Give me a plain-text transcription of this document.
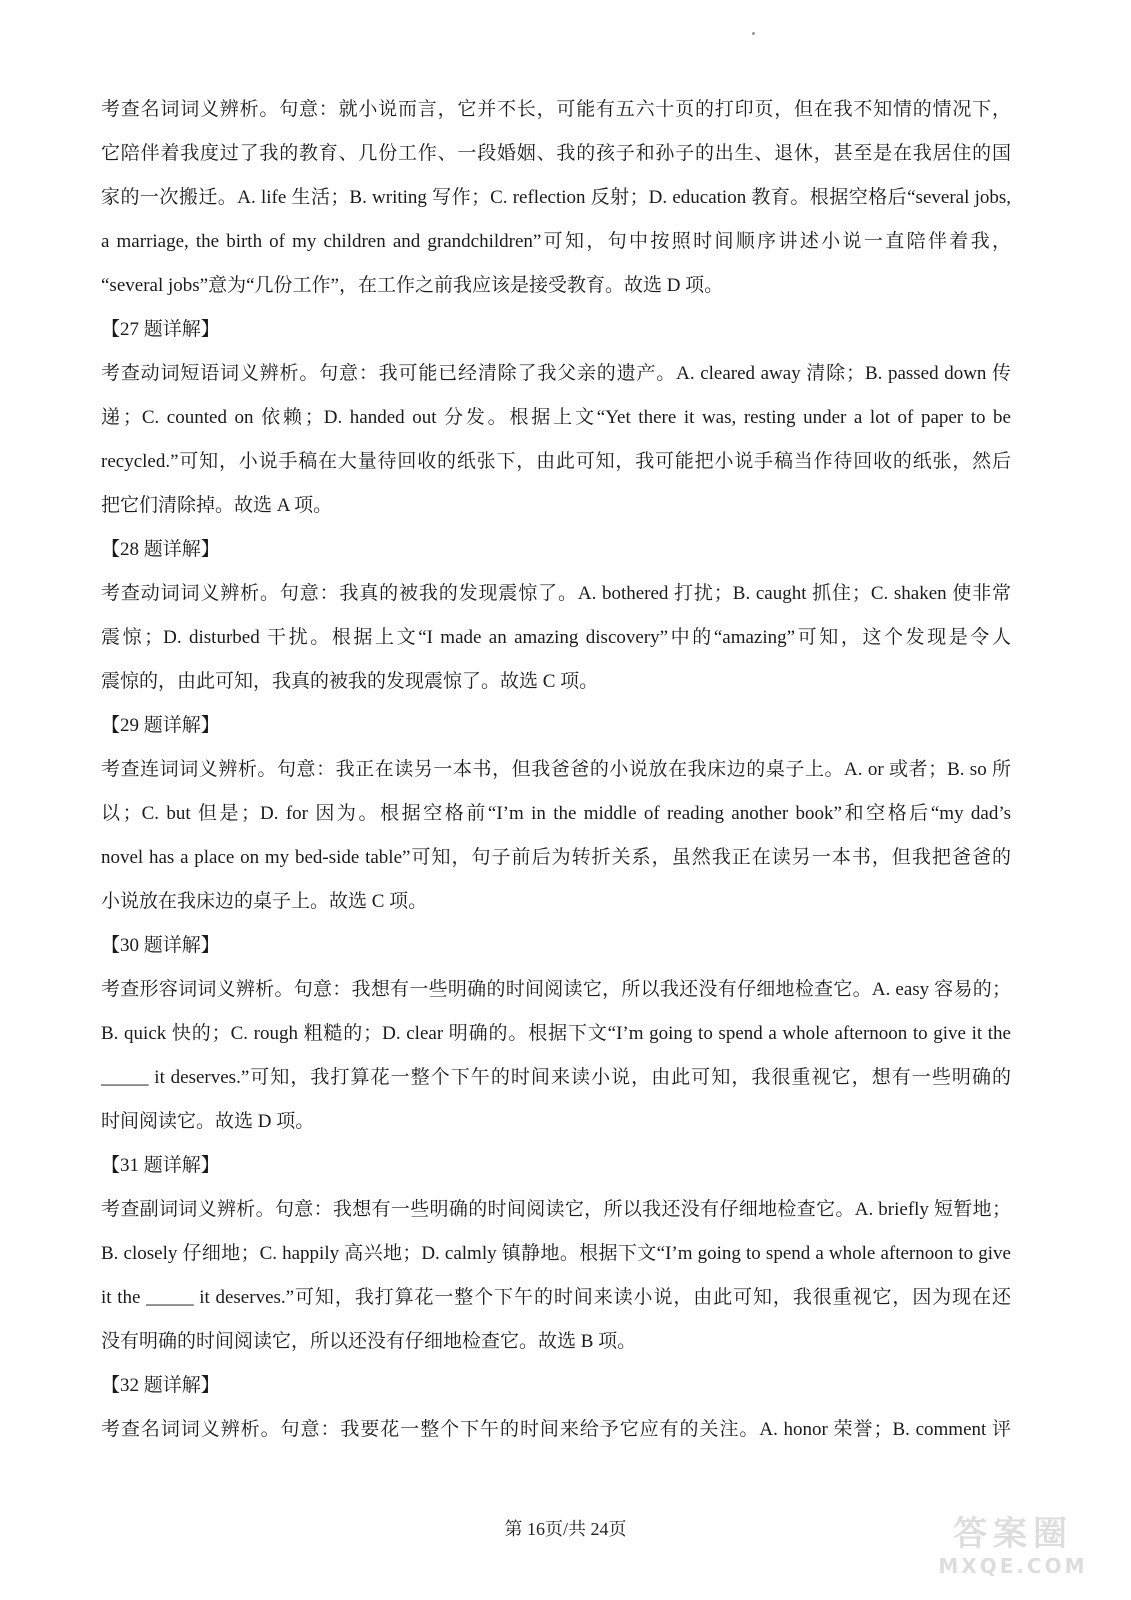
考查名词词义辨析。句意：就小说而言，它并不长，可能有五六十页的打印页，但在我不知情的情况下，
它陪伴着我度过了我的教育、几份工作、一段婚姻、我的孩子和孙子的出生、退休，甚至是在我居住的国
家的一次搬迁。A. life 生活；B. writing 写作；C. reflection 反射；D. education 教育。根据空格后“several jobs,
a marriage, the birth of my children and grandchildren”可知，句中按照时间顺序讲述小说一直陪伴着我，
“several jobs”意为“几份工作”，在工作之前我应该是接受教育。故选 D 项。
【27 题详解】
考查动词短语词义辨析。句意：我可能已经清除了我父亲的遗产。A. cleared away 清除；B. passed down 传
递；C. counted on 依赖；D. handed out 分发。根据上文“Yet there it was, resting under a lot of paper to be
recycled.”可知，小说手稿在大量待回收的纸张下，由此可知，我可能把小说手稿当作待回收的纸张，然后
把它们清除掉。故选 A 项。
【28 题详解】
考查动词词义辨析。句意：我真的被我的发现震惊了。A. bothered 打扰；B. caught 抓住；C. shaken 使非常
震惊；D. disturbed 干扰。根据上文“I made an amazing discovery”中的“amazing”可知，这个发现是令人
震惊的，由此可知，我真的被我的发现震惊了。故选 C 项。
【29 题详解】
考查连词词义辨析。句意：我正在读另一本书，但我爸爸的小说放在我床边的桌子上。A. or 或者；B. so 所
以；C. but 但是；D. for 因为。根据空格前“I’m in the middle of reading another book”和空格后“my dad’s
novel has a place on my bed-side table”可知，句子前后为转折关系，虽然我正在读另一本书，但我把爸爸的
小说放在我床边的桌子上。故选 C 项。
【30 题详解】
考查形容词词义辨析。句意：我想有一些明确的时间阅读它，所以我还没有仔细地检查它。A. easy 容易的；
B. quick 快的；C. rough 粗糙的；D. clear 明确的。根据下文“I’m going to spend a whole afternoon to give it the
_____ it deserves.”可知，我打算花一整个下午的时间来读小说，由此可知，我很重视它，想有一些明确的
时间阅读它。故选 D 项。
【31 题详解】
考查副词词义辨析。句意：我想有一些明确的时间阅读它，所以我还没有仔细地检查它。A. briefly 短暂地；
B. closely 仔细地；C. happily 高兴地；D. calmly 镇静地。根据下文“I’m going to spend a whole afternoon to give
it the _____ it deserves.”可知，我打算花一整个下午的时间来读小说，由此可知，我很重视它，因为现在还
没有明确的时间阅读它，所以还没有仔细地检查它。故选 B 项。
【32 题详解】
考查名词词义辨析。句意：我要花一整个下午的时间来给予它应有的关注。A. honor 荣誉；B. comment 评
第 16页/共 24页	答案圈
MXQE.COM
